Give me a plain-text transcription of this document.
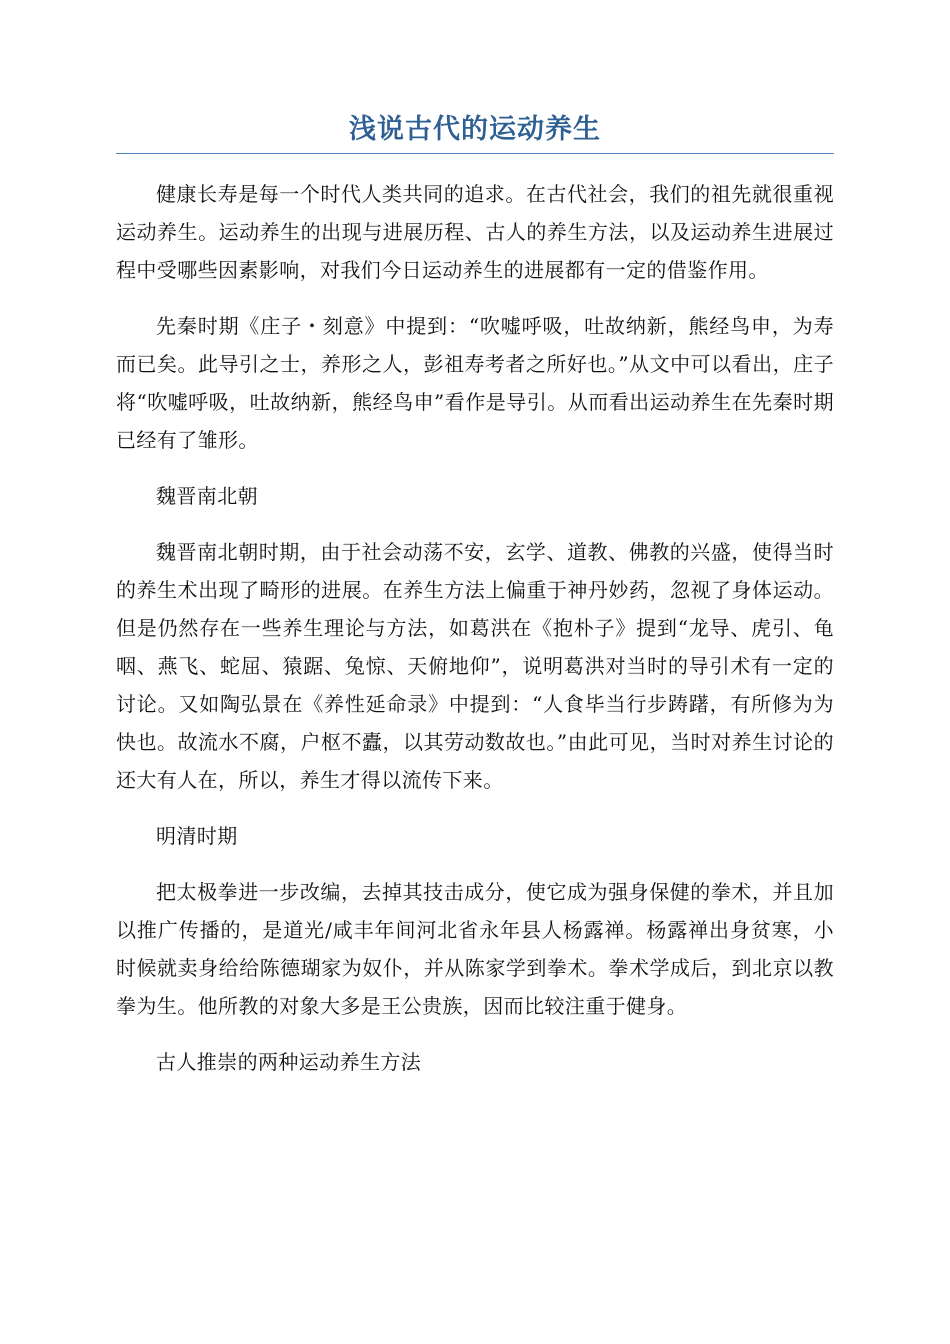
浅说古代的运动养生

健康长寿是每一个时代人类共同的追求。在古代社会，我们的祖先就很重视运动养生。运动养生的出现与进展历程、古人的养生方法，以及运动养生进展过程中受哪些因素影响，对我们今日运动养生的进展都有一定的借鉴作用。

先秦时期《庄子・刻意》中提到：“吹嘘呼吸，吐故纳新，熊经鸟申，为寿而已矣。此导引之士，养形之人，彭祖寿考者之所好也。”从文中可以看出，庄子将“吹嘘呼吸，吐故纳新，熊经鸟申”看作是导引。从而看出运动养生在先秦时期已经有了雏形。

魏晋南北朝

魏晋南北朝时期，由于社会动荡不安，玄学、道教、佛教的兴盛，使得当时的养生术出现了畸形的进展。在养生方法上偏重于神丹妙药，忽视了身体运动。但是仍然存在一些养生理论与方法，如葛洪在《抱朴子》提到“龙导、虎引、龟咽、燕飞、蛇屈、猿踞、兔惊、天俯地仰”，说明葛洪对当时的导引术有一定的讨论。又如陶弘景在《养性延命录》中提到：“人食毕当行步踌躇，有所修为为快也。故流水不腐，户枢不蠹，以其劳动数故也。”由此可见，当时对养生讨论的还大有人在，所以，养生才得以流传下来。

明清时期

把太极拳进一步改编，去掉其技击成分，使它成为强身保健的拳术，并且加以推广传播的，是道光/咸丰年间河北省永年县人杨露禅。杨露禅出身贫寒，小时候就卖身给给陈德瑚家为奴仆，并从陈家学到拳术。拳术学成后，到北京以教拳为生。他所教的对象大多是王公贵族，因而比较注重于健身。

古人推崇的两种运动养生方法
